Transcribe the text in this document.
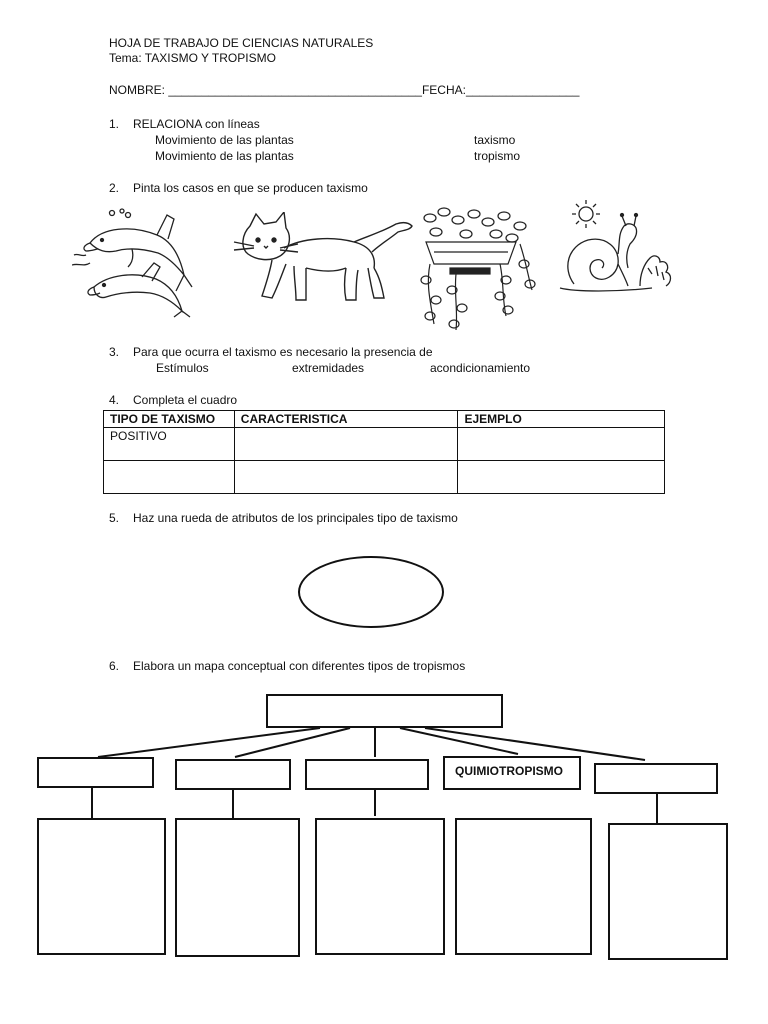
HOJA DE TRABAJO DE CIENCIAS NATURALES
Tema: TAXISMO Y TROPISMO
NOMBRE: ______________________________________FECHA:_________________
1. RELACIONA con líneas
Movimiento de las plantas
Movimiento de las plantas
taxismo
tropismo
2. Pinta los casos en que se producen taxismo
3. Para que ocurra el taxismo es necesario la presencia de
Estímulos	extremidades	acondicionamiento
4. Completa el cuadro
TIPO DE TAXISMO	CARACTERISTICA	EJEMPLO
POSITIVO		

5. Haz una rueda de atributos de los principales tipo de taxismo
6. Elabora un mapa conceptual con diferentes tipos de tropismos
QUIMIOTROPISMO
